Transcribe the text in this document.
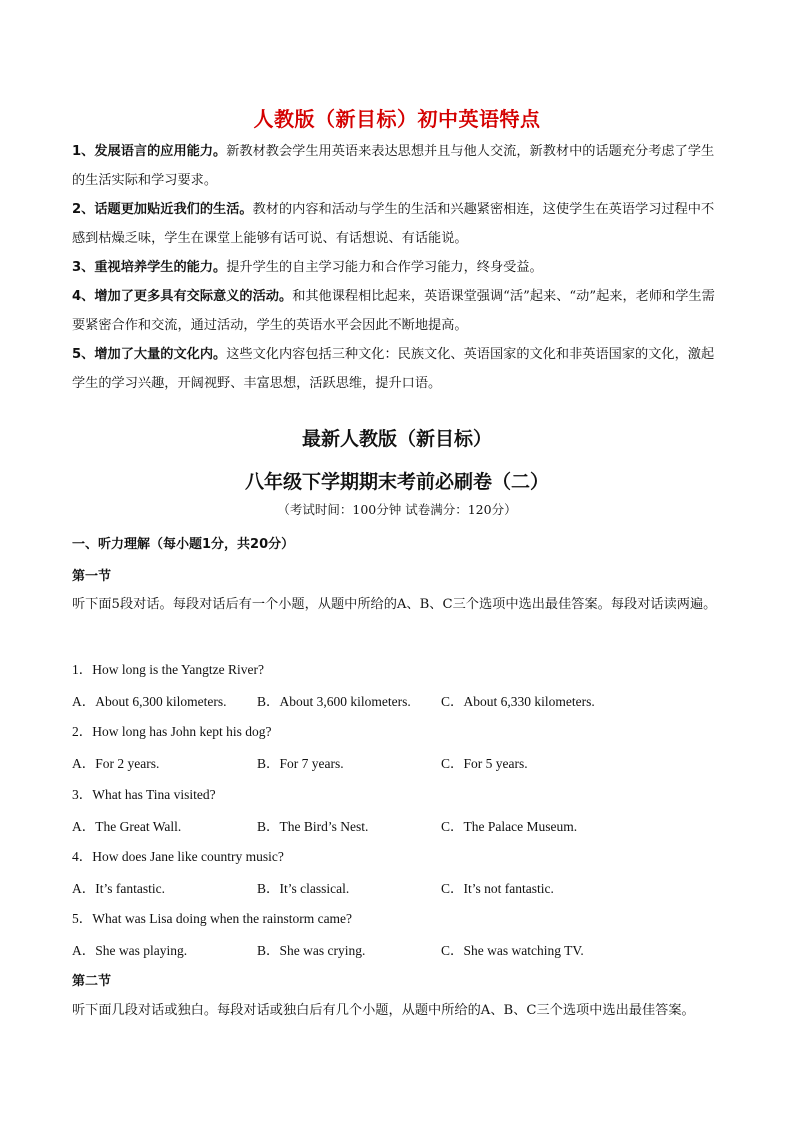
人教版（新目标）初中英语特点
1、发展语言的应用能力。新教材教会学生用英语来表达思想并且与他人交流，新教材中的话题充分考虑了学生的生活实际和学习要求。
2、话题更加贴近我们的生活。教材的内容和活动与学生的生活和兴趣紧密相连，这使学生在英语学习过程中不感到枯燥乏味，学生在课堂上能够有话可说、有话想说、有话能说。
3、重视培养学生的能力。提升学生的自主学习能力和合作学习能力，终身受益。
4、增加了更多具有交际意义的活动。和其他课程相比起来，英语课堂强调“活”起来、“动”起来，老师和学生需要紧密合作和交流，通过活动，学生的英语水平会因此不断地提高。
5、增加了大量的文化内。这些文化内容包括三种文化：民族文化、英语国家的文化和非英语国家的文化，激起学生的学习兴趣，开阔视野、丰富思想，活跃思维，提升口语。
最新人教版（新目标）
八年级下学期期末考前必刷卷（二）
（考试时间：100分钟 试卷满分：120分）
一、听力理解（每小题1分，共20分）
第一节
听下面5段对话。每段对话后有一个小题，从题中所给的A、B、C三个选项中选出最佳答案。每段对话读两遍。
1．How long is the Yangtze River?
A．About 6,300 kilometers. B．About 3,600 kilometers. C．About 6,330 kilometers.
2．How long has John kept his dog?
A．For 2 years.	B．For 7 years.	C．For 5 years.
3．What has Tina visited?
A．The Great Wall.	B．The Bird’s Nest.	C．The Palace Museum.
4．How does Jane like country music?
A．It’s fantastic.	B．It’s classical.	C．It’s not fantastic.
5．What was Lisa doing when the rainstorm came?
A．She was playing.	B．She was crying.	C．She was watching TV.
第二节
听下面几段对话或独白。每段对话或独白后有几个小题，从题中所给的A、B、C三个选项中选出最佳答案。
